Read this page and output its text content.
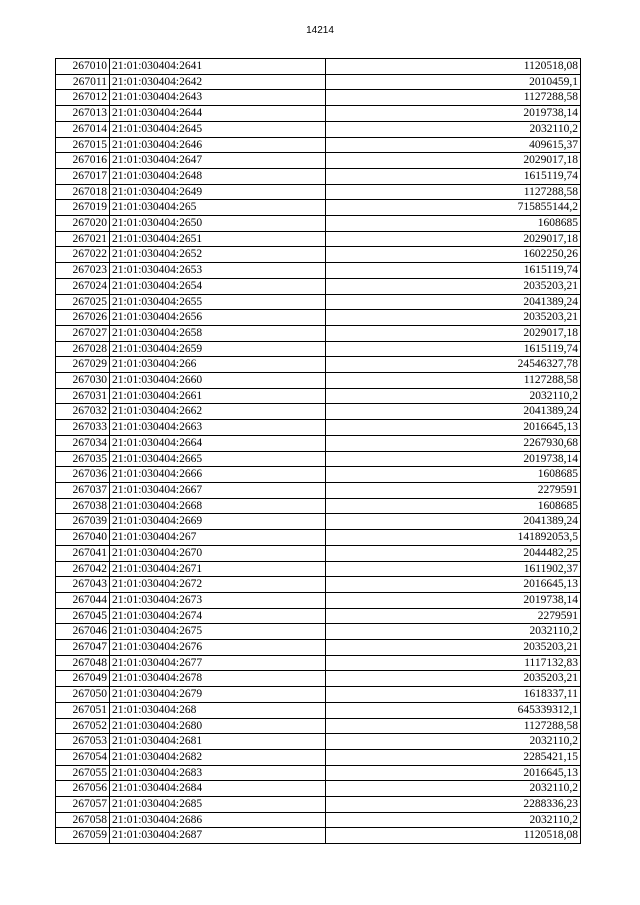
14214
267010	21:01:030404:2641	1120518,08
267011	21:01:030404:2642	2010459,1
267012	21:01:030404:2643	1127288,58
267013	21:01:030404:2644	2019738,14
267014	21:01:030404:2645	2032110,2
267015	21:01:030404:2646	409615,37
267016	21:01:030404:2647	2029017,18
267017	21:01:030404:2648	1615119,74
267018	21:01:030404:2649	1127288,58
267019	21:01:030404:265	715855144,2
267020	21:01:030404:2650	1608685
267021	21:01:030404:2651	2029017,18
267022	21:01:030404:2652	1602250,26
267023	21:01:030404:2653	1615119,74
267024	21:01:030404:2654	2035203,21
267025	21:01:030404:2655	2041389,24
267026	21:01:030404:2656	2035203,21
267027	21:01:030404:2658	2029017,18
267028	21:01:030404:2659	1615119,74
267029	21:01:030404:266	24546327,78
267030	21:01:030404:2660	1127288,58
267031	21:01:030404:2661	2032110,2
267032	21:01:030404:2662	2041389,24
267033	21:01:030404:2663	2016645,13
267034	21:01:030404:2664	2267930,68
267035	21:01:030404:2665	2019738,14
267036	21:01:030404:2666	1608685
267037	21:01:030404:2667	2279591
267038	21:01:030404:2668	1608685
267039	21:01:030404:2669	2041389,24
267040	21:01:030404:267	141892053,5
267041	21:01:030404:2670	2044482,25
267042	21:01:030404:2671	1611902,37
267043	21:01:030404:2672	2016645,13
267044	21:01:030404:2673	2019738,14
267045	21:01:030404:2674	2279591
267046	21:01:030404:2675	2032110,2
267047	21:01:030404:2676	2035203,21
267048	21:01:030404:2677	1117132,83
267049	21:01:030404:2678	2035203,21
267050	21:01:030404:2679	1618337,11
267051	21:01:030404:268	645339312,1
267052	21:01:030404:2680	1127288,58
267053	21:01:030404:2681	2032110,2
267054	21:01:030404:2682	2285421,15
267055	21:01:030404:2683	2016645,13
267056	21:01:030404:2684	2032110,2
267057	21:01:030404:2685	2288336,23
267058	21:01:030404:2686	2032110,2
267059	21:01:030404:2687	1120518,08
